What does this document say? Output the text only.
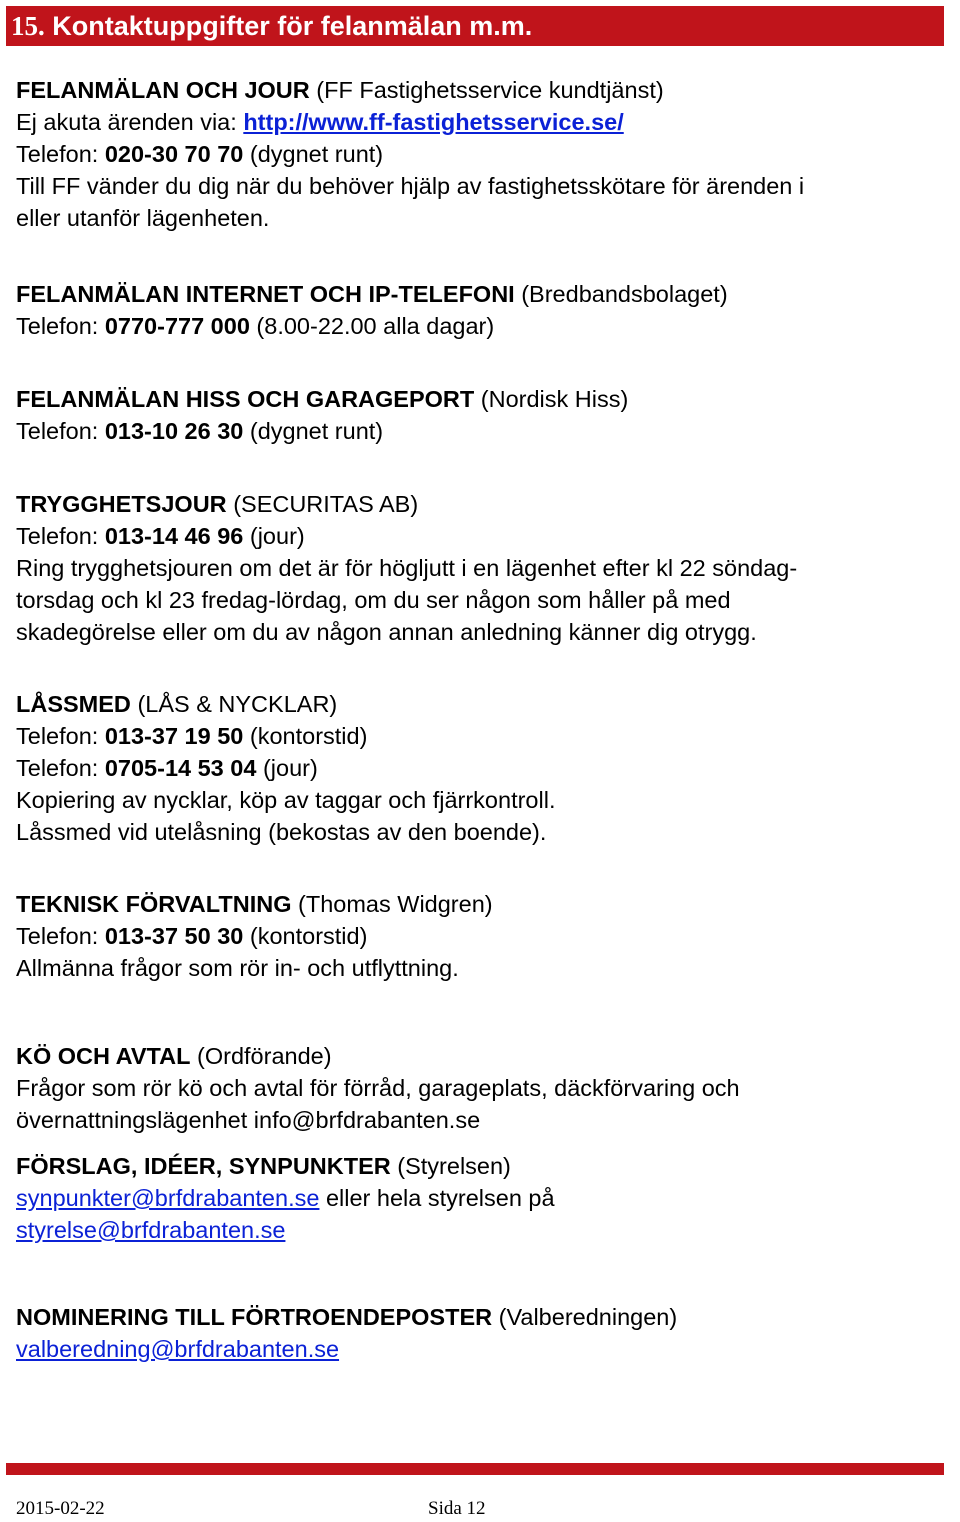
15. Kontaktuppgifter för felanmälan m.m.
FELANMÄLAN OCH JOUR (FF Fastighetsservice kundtjänst)
Ej akuta ärenden via: http://www.ff-fastighetsservice.se/
Telefon: 020-30 70 70 (dygnet runt)
Till FF vänder du dig när du behöver hjälp av fastighetsskötare för ärenden i
eller utanför lägenheten.
FELANMÄLAN INTERNET OCH IP-TELEFONI (Bredbandsbolaget)
Telefon: 0770-777 000 (8.00-22.00 alla dagar)
FELANMÄLAN HISS OCH GARAGEPORT (Nordisk Hiss)
Telefon: 013-10 26 30 (dygnet runt)
TRYGGHETSJOUR (SECURITAS AB)
Telefon: 013-14 46 96 (jour)
Ring trygghetsjouren om det är för högljutt i en lägenhet efter kl 22 söndag-
torsdag och kl 23 fredag-lördag, om du ser någon som håller på med
skadegörelse eller om du av någon annan anledning känner dig otrygg.
LÅSSMED (LÅS & NYCKLAR)
Telefon: 013-37 19 50 (kontorstid)
Telefon: 0705-14 53 04 (jour)
Kopiering av nycklar, köp av taggar och fjärrkontroll.
Låssmed vid utelåsning (bekostas av den boende).
TEKNISK FÖRVALTNING (Thomas Widgren)
Telefon: 013-37 50 30 (kontorstid)
Allmänna frågor som rör in- och utflyttning.
KÖ OCH AVTAL (Ordförande)
Frågor som rör kö och avtal för förråd, garageplats, däckförvaring och
övernattningslägenhet info@brfdrabanten.se
FÖRSLAG, IDÉER, SYNPUNKTER (Styrelsen)
synpunkter@brfdrabanten.se eller hela styrelsen på
styrelse@brfdrabanten.se
NOMINERING TILL FÖRTROENDEPOSTER (Valberedningen)
valberedning@brfdrabanten.se
2015-02-22	Sida 12
